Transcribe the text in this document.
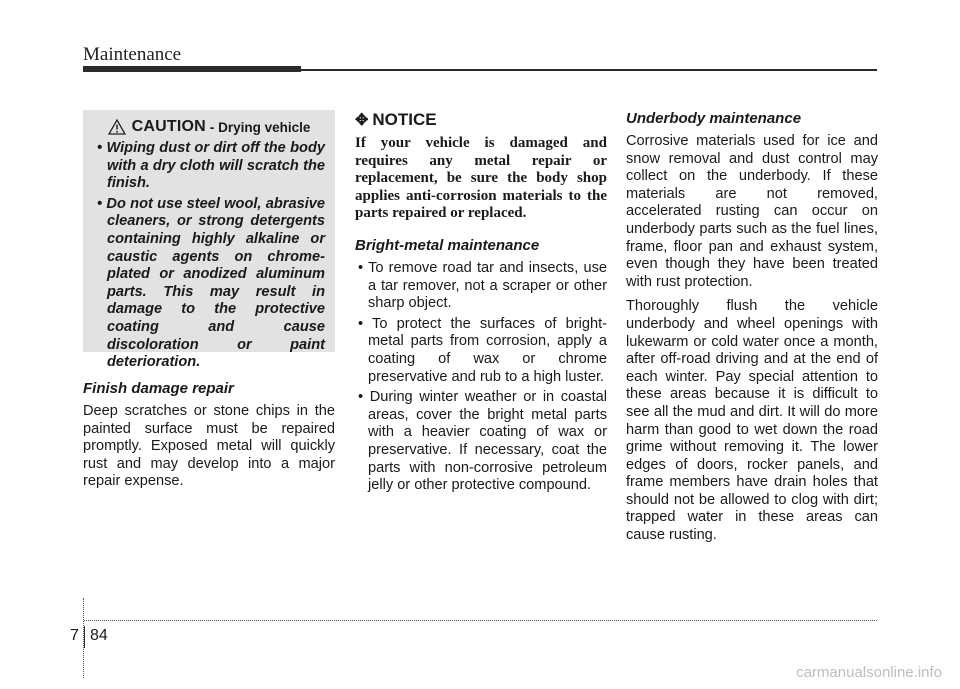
Maintenance
CAUTION - Drying vehicle
• Wiping dust or dirt off the body with a dry cloth will scratch the finish.
• Do not use steel wool, abrasive cleaners, or strong detergents containing highly alkaline or caustic agents on chrome-plated or anodized aluminum parts. This may result in damage to the protective coating and cause discoloration or paint deterioration.
Finish damage repair
Deep scratches or stone chips in the painted surface must be repaired promptly. Exposed metal will quickly rust and may develop into a major repair expense.
✥ NOTICE
If your vehicle is damaged and requires any metal repair or replacement, be sure the body shop applies anti-corrosion materials to the parts repaired or replaced.
Bright-metal maintenance
• To remove road tar and insects, use a tar remover, not a scraper or other sharp object.
• To protect the surfaces of bright-metal parts from corrosion, apply a coating of wax or chrome preservative and rub to a high luster.
• During winter weather or in coastal areas, cover the bright metal parts with a heavier coating of wax or preservative. If necessary, coat the parts with non-corrosive petroleum jelly or other protective compound.
Underbody maintenance
Corrosive materials used for ice and snow removal and dust control may collect on the underbody. If these materials are not removed, accelerated rusting can occur on underbody parts such as the fuel lines, frame, floor pan and exhaust system, even though they have been treated with rust protection.
Thoroughly flush the vehicle underbody and wheel openings with lukewarm or cold water once a month, after off-road driving and at the end of each winter. Pay special attention to these areas because it is difficult to see all the mud and dirt. It will do more harm than good to wet down the road grime without removing it. The lower edges of doors, rocker panels, and frame members have drain holes that should not be allowed to clog with dirt; trapped water in these areas can cause rusting.
7 84
carmanualsonline.info
